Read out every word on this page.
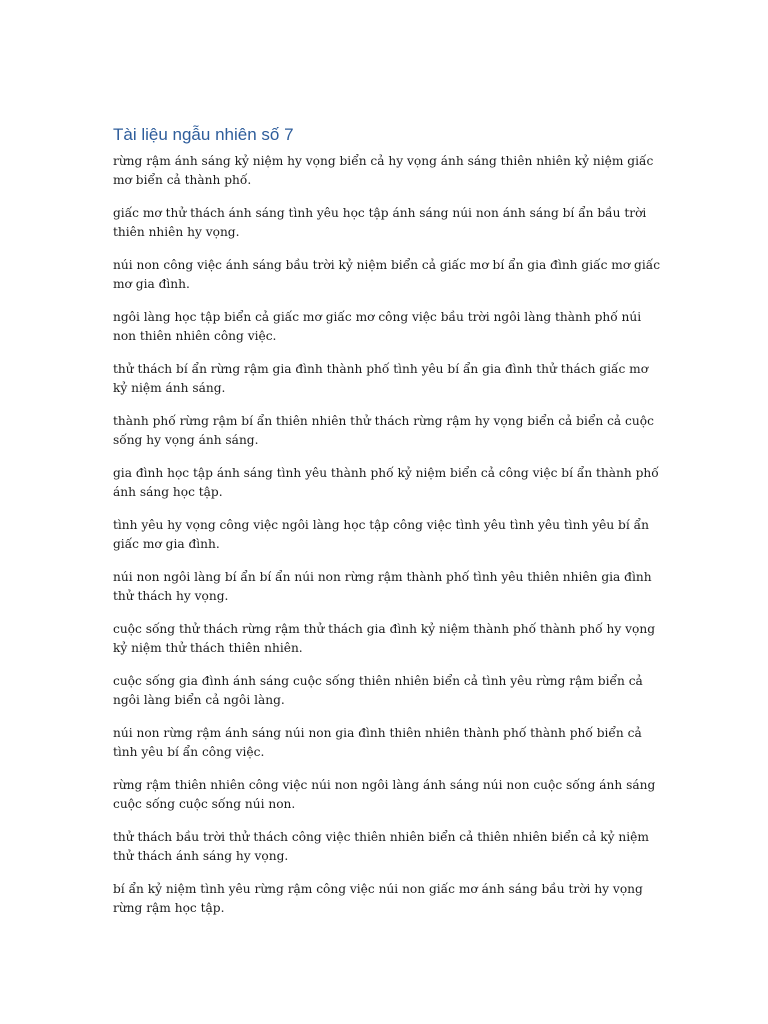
Tài liệu ngẫu nhiên số 7

rừng rậm ánh sáng kỷ niệm hy vọng biển cả hy vọng ánh sáng thiên nhiên kỷ niệm giấc mơ biển cả thành phố.

giấc mơ thử thách ánh sáng tình yêu học tập ánh sáng núi non ánh sáng bí ẩn bầu trời thiên nhiên hy vọng.

núi non công việc ánh sáng bầu trời kỷ niệm biển cả giấc mơ bí ẩn gia đình giấc mơ giấc mơ gia đình.

ngôi làng học tập biển cả giấc mơ giấc mơ công việc bầu trời ngôi làng thành phố núi non thiên nhiên công việc.

thử thách bí ẩn rừng rậm gia đình thành phố tình yêu bí ẩn gia đình thử thách giấc mơ kỷ niệm ánh sáng.

thành phố rừng rậm bí ẩn thiên nhiên thử thách rừng rậm hy vọng biển cả biển cả cuộc sống hy vọng ánh sáng.

gia đình học tập ánh sáng tình yêu thành phố kỷ niệm biển cả công việc bí ẩn thành phố ánh sáng học tập.

tình yêu hy vọng công việc ngôi làng học tập công việc tình yêu tình yêu tình yêu bí ẩn giấc mơ gia đình.

núi non ngôi làng bí ẩn bí ẩn núi non rừng rậm thành phố tình yêu thiên nhiên gia đình thử thách hy vọng.

cuộc sống thử thách rừng rậm thử thách gia đình kỷ niệm thành phố thành phố hy vọng kỷ niệm thử thách thiên nhiên.

cuộc sống gia đình ánh sáng cuộc sống thiên nhiên biển cả tình yêu rừng rậm biển cả ngôi làng biển cả ngôi làng.

núi non rừng rậm ánh sáng núi non gia đình thiên nhiên thành phố thành phố biển cả tình yêu bí ẩn công việc.

rừng rậm thiên nhiên công việc núi non ngôi làng ánh sáng núi non cuộc sống ánh sáng cuộc sống cuộc sống núi non.

thử thách bầu trời thử thách công việc thiên nhiên biển cả thiên nhiên biển cả kỷ niệm thử thách ánh sáng hy vọng.

bí ẩn kỷ niệm tình yêu rừng rậm công việc núi non giấc mơ ánh sáng bầu trời hy vọng rừng rậm học tập.
